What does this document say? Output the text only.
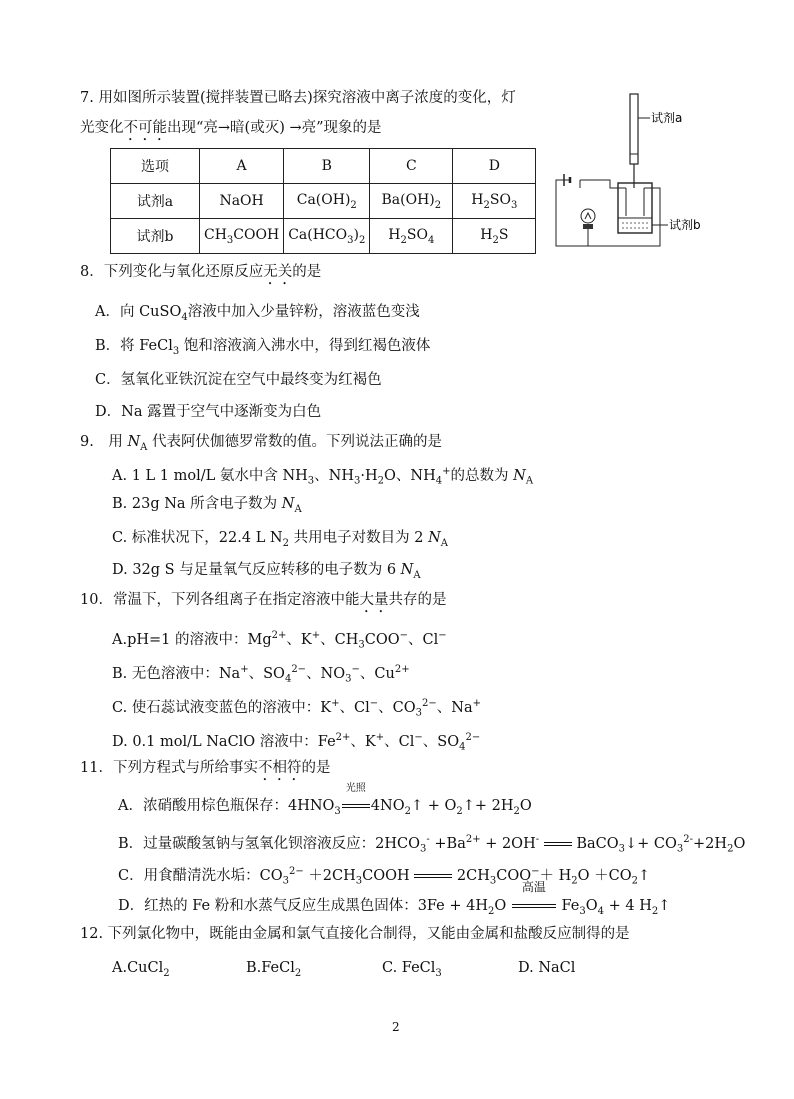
7. 用如图所示装置(搅拌装置已略去)探究溶液中离子浓度的变化，灯
光变化不可能出现“亮→暗(或灭) →亮”现象的是
选项	A	B	C	D
试剂a	NaOH	$Ca(OH)_2$	$Ba(OH)_2$	$H_2SO_3$
试剂b	$CH_3COOH$	$Ca(HCO_3)_2$	$H_2SO_4$	$H_2S$
试剂a
试剂b
8．下列变化与氧化还原反应无关的是
A．向 CuSO$_4$溶液中加入少量锌粉，溶液蓝色变浅
B．将 FeCl$_3$ 饱和溶液滴入沸水中，得到红褐色液体
C．氢氧化亚铁沉淀在空气中最终变为红褐色
D．Na 露置于空气中逐渐变为白色
9.　用 $N_A$ 代表阿伏伽德罗常数的值。下列说法正确的是
A. 1 L 1 mol/L 氨水中含 $NH_3$、$NH_3\cdot H_2O$、$NH_4^+$的总数为 $N_A$
B. 23g Na 所含电子数为 $N_A$
C. 标准状况下，22.4 L $N_2$ 共用电子对数目为 2 $N_A$
D. 32g S 与足量氧气反应转移的电子数为 6 $N_A$
10．常温下，下列各组离子在指定溶液中能大量共存的是
A.pH=1 的溶液中：$Mg^{2+}$、K+、$CH_3COO^-$、Cl−
B. 无色溶液中：Na+、$SO_4^{2-}$、$NO_3^-$、$Cu^{2+}$
C. 使石蕊试液变蓝色的溶液中：K+、Cl−、$CO_3^{2-}$、Na+
D. 0.1 mol/L NaClO 溶液中：$Fe^{2+}$、K+、Cl−、$SO_4^{2-}$
11．下列方程式与所给事实不相符的是
A．浓硝酸用棕色瓶保存：$4HNO_3$
光照
$4NO_2↑$ + $O_2↑+ 2H_2O$
B．过量碳酸氢钠与氢氧化钡溶液反应：$2HCO_3^- +Ba^{2+} + 2OH^-$  BaCO$_3$↓+ $CO_3^{2-}+2H_2O$
C．用食醋清洗水垢：$CO_3^{2-}$ $+2CH_3COOH$	$2CH_3COO^-+ H_2O$ $+CO_2↑$
D．红热的 Fe 粉和水蒸气反应生成黑色固体：$3Fe + 4H_2O$
高温
$Fe_3O_4 + 4$ $H_2↑$
12. 下列氯化物中，既能由金属和氯气直接化合制得，又能由金属和盐酸反应制得的是
A.CuCl$_2$	B.FeCl$_2$	C. FeCl$_3$	D. NaCl
2
